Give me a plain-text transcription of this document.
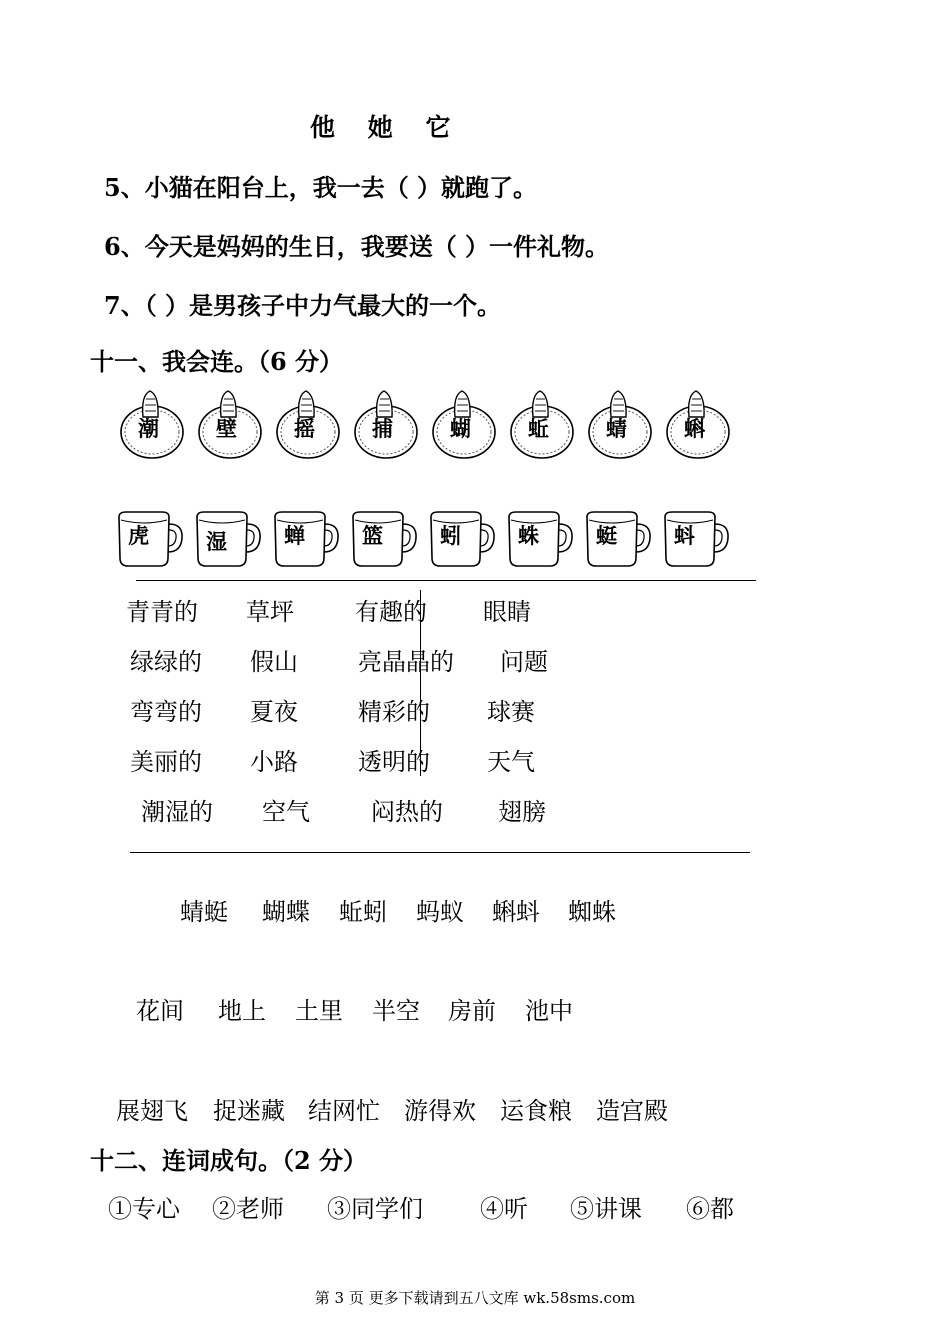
他 她 它
5、小猫在阳台上，我一去（ ）就跑了。
6、今天是妈妈的生日，我要送（ ）一件礼物。
7、（ ）是男孩子中力气最大的一个。
十一、我会连。（6 分）
潮	壁	摇	捕	蝴	蚯	蜻	蝌
虎	湿	蝉	篮	蚓	蛛	蜓	蚪
青青的 草坪	有趣的 眼睛
绿绿的 假山	亮晶晶的 问题
弯弯的 夏夜	精彩的 球赛
美丽的 小路	透明的 天气
潮湿的 空气	闷热的 翅膀
蜻蜓 蝴蝶 蚯蚓 蚂蚁 蝌蚪 蜘蛛
花间 地上 土里 半空 房前 池中
展翅飞 捉迷藏 结网忙 游得欢 运食粮 造宫殿
十二、连词成句。（2 分）
①专心 ②老师 ③同学们 ④听 ⑤讲课 ⑥都
第 3 页 更多下载请到五八文库 wk.58sms.com
